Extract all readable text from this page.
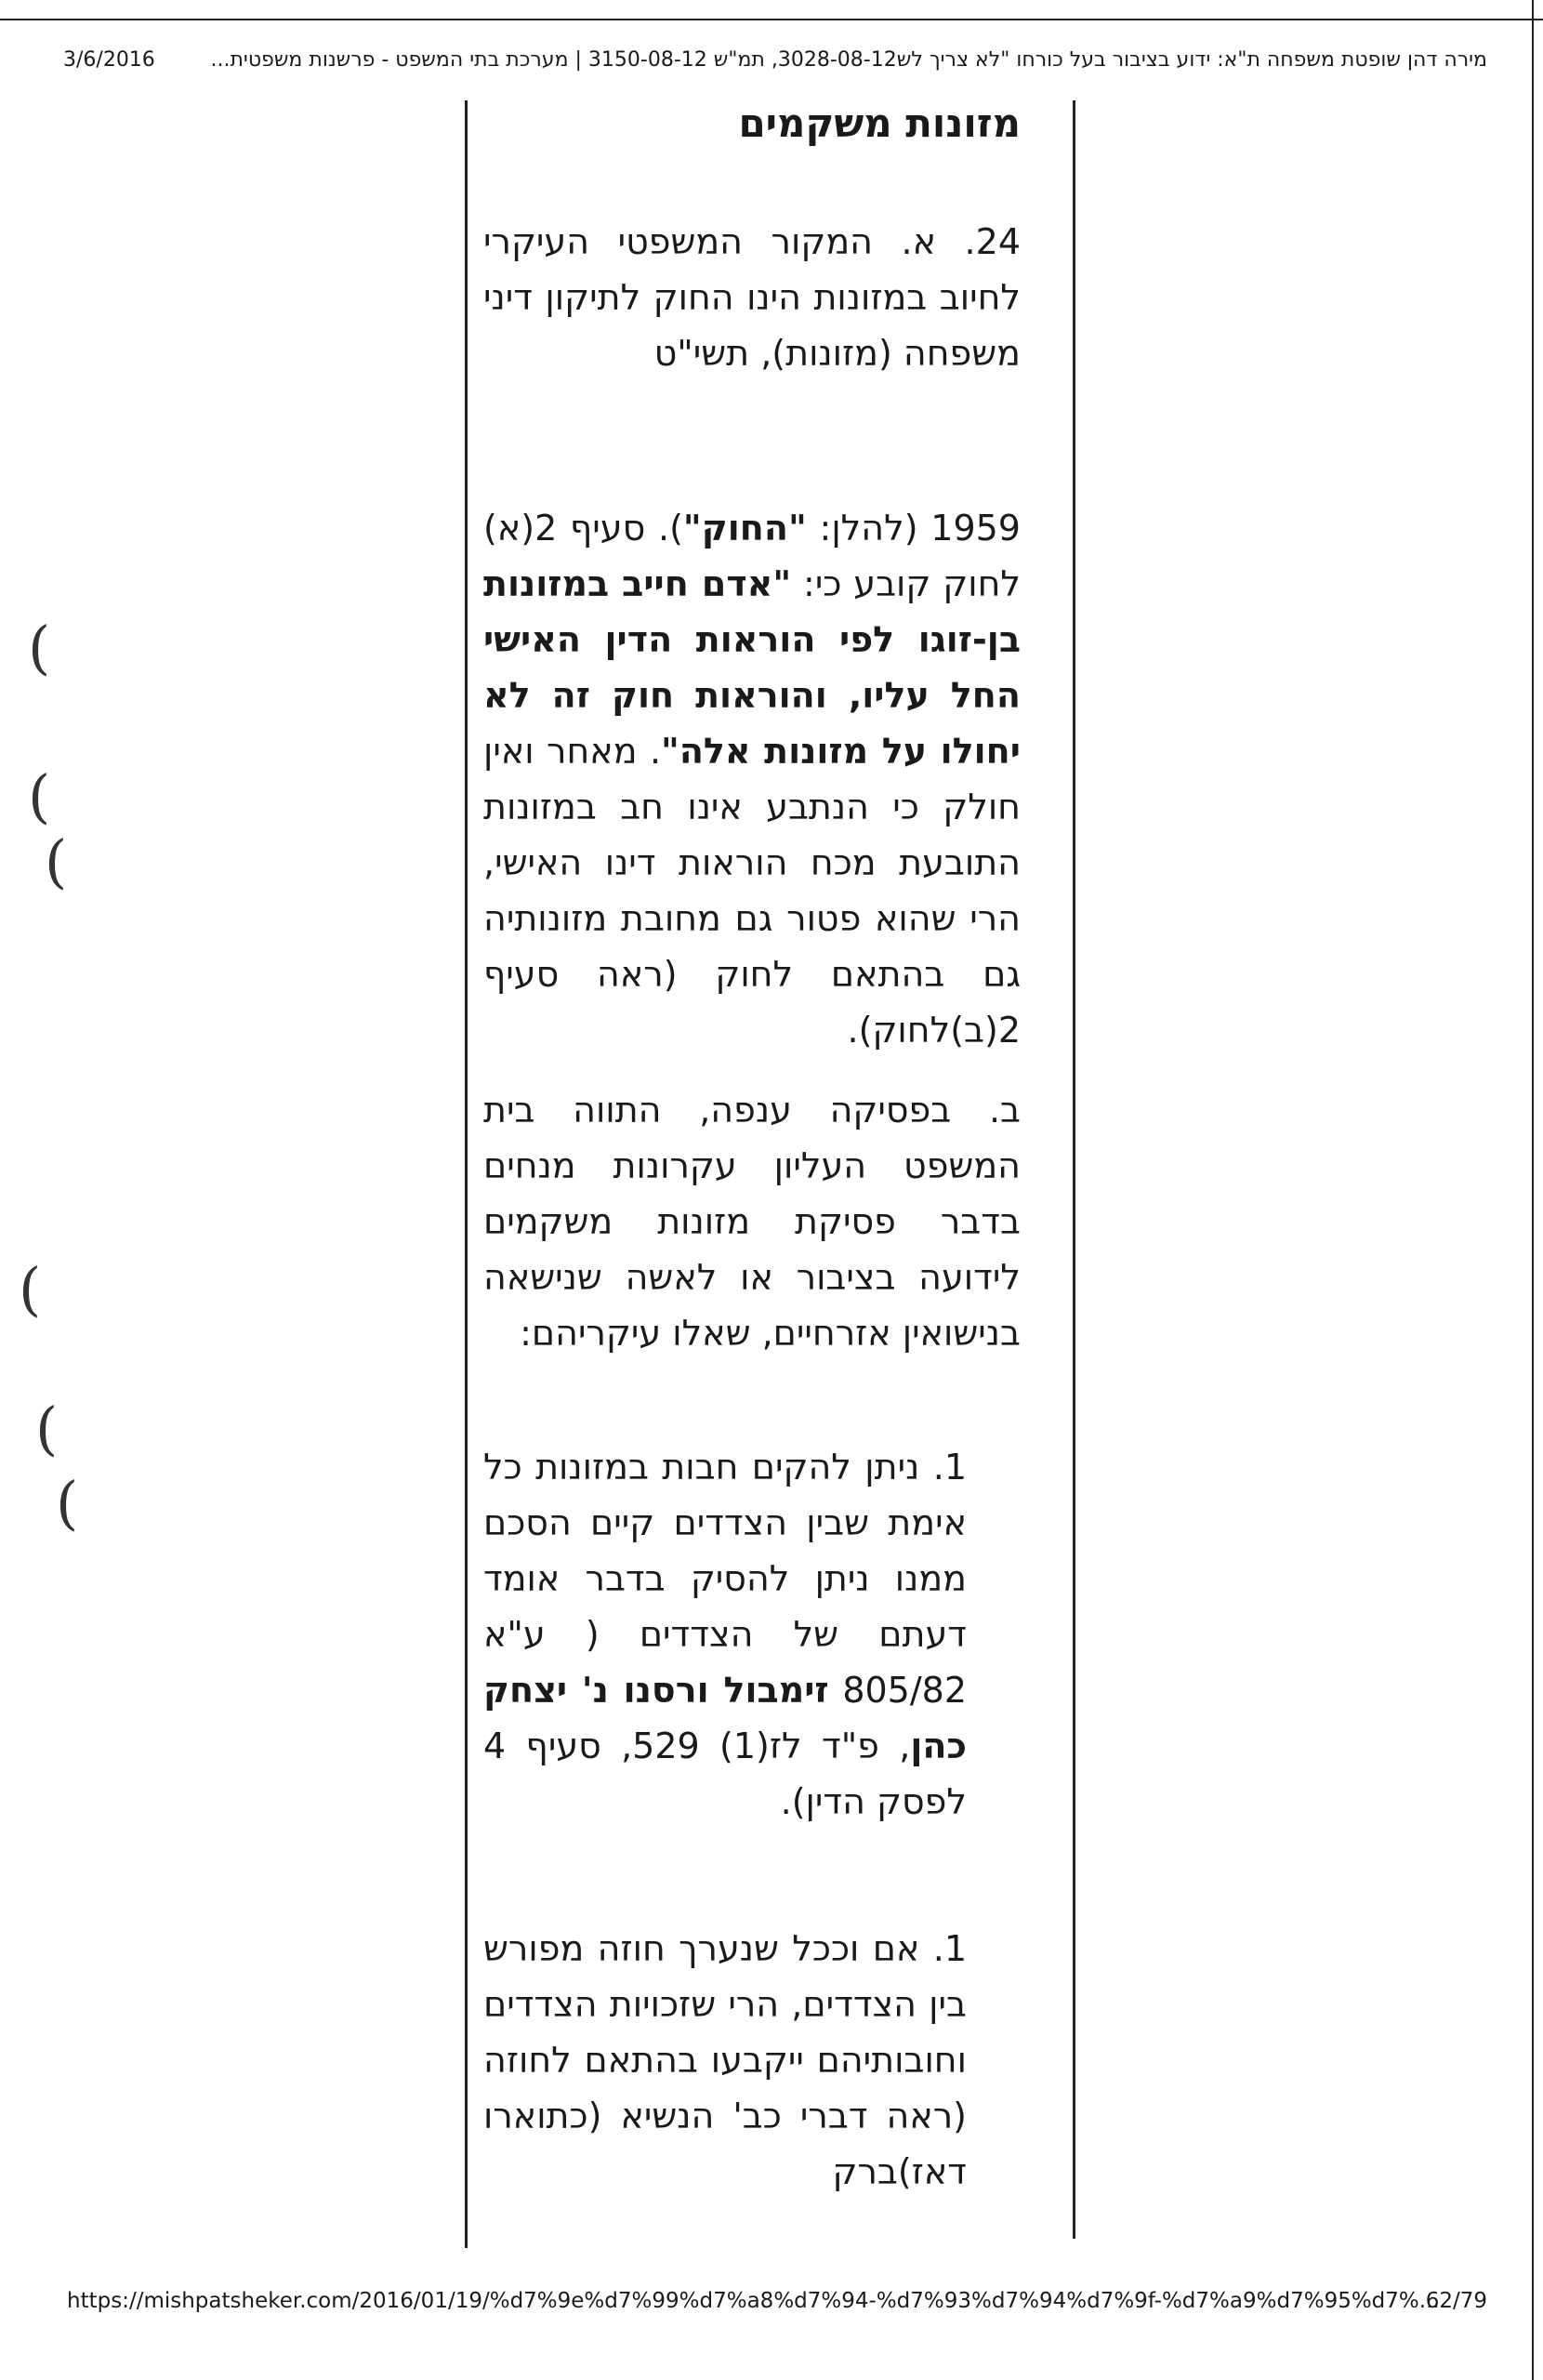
3/6/2016	מירה דהן שופטת משפחה ת"א: ידוע בציבור בעל כורחו "לא צריך לש3028-08-12, תמ"ש 3150-08-12 | מערכת בתי המשפט - פרשנות משפטית...
מזונות משקמים

24. א. המקור המשפטי העיקרי לחיוב במזונות הינו החוק לתיקון דיני משפחה (מזונות), תשי"ט

1959 (להלן: "החוק"). סעיף 2(א) לחוק קובע כי: "אדם חייב במזונות בן-זוגו לפי הוראות הדין האישי החל עליו, והוראות חוק זה לא יחולו על מזונות אלה". מאחר ואין חולק כי הנתבע אינו חב במזונות התובעת מכח הוראות דינו האישי, הרי שהוא פטור גם מחובת מזונותיה גם בהתאם לחוק (ראה סעיף 2(ב)לחוק).

ב. בפסיקה ענפה, התווה בית המשפט העליון עקרונות מנחים בדבר פסיקת מזונות משקמים לידועה בציבור או לאשה שנישאה בנישואין אזרחיים, שאלו עיקריהם:

1. ניתן להקים חבות במזונות כל אימת שבין הצדדים קיים הסכם ממנו ניתן להסיק בדבר אומד דעתם של הצדדים ( ע"א 805/82 זימבול ורסנו נ' יצחק כהן, פ"ד לז(1) 529, סעיף 4 לפסק הדין).

1. אם וככל שנערך חוזה מפורש בין הצדדים, הרי שזכויות הצדדים וחובותיהם ייקבעו בהתאם לחוזה (ראה דברי כב' הנשיא (כתוארו דאז)ברק

(
(
(
(
(
(
https://mishpatsheker.com/2016/01/19/%d7%9e%d7%99%d7%a8%d7%94-%d7%93%d7%94%d7%9f-%d7%a9%d7%95%d7%...
62/79
